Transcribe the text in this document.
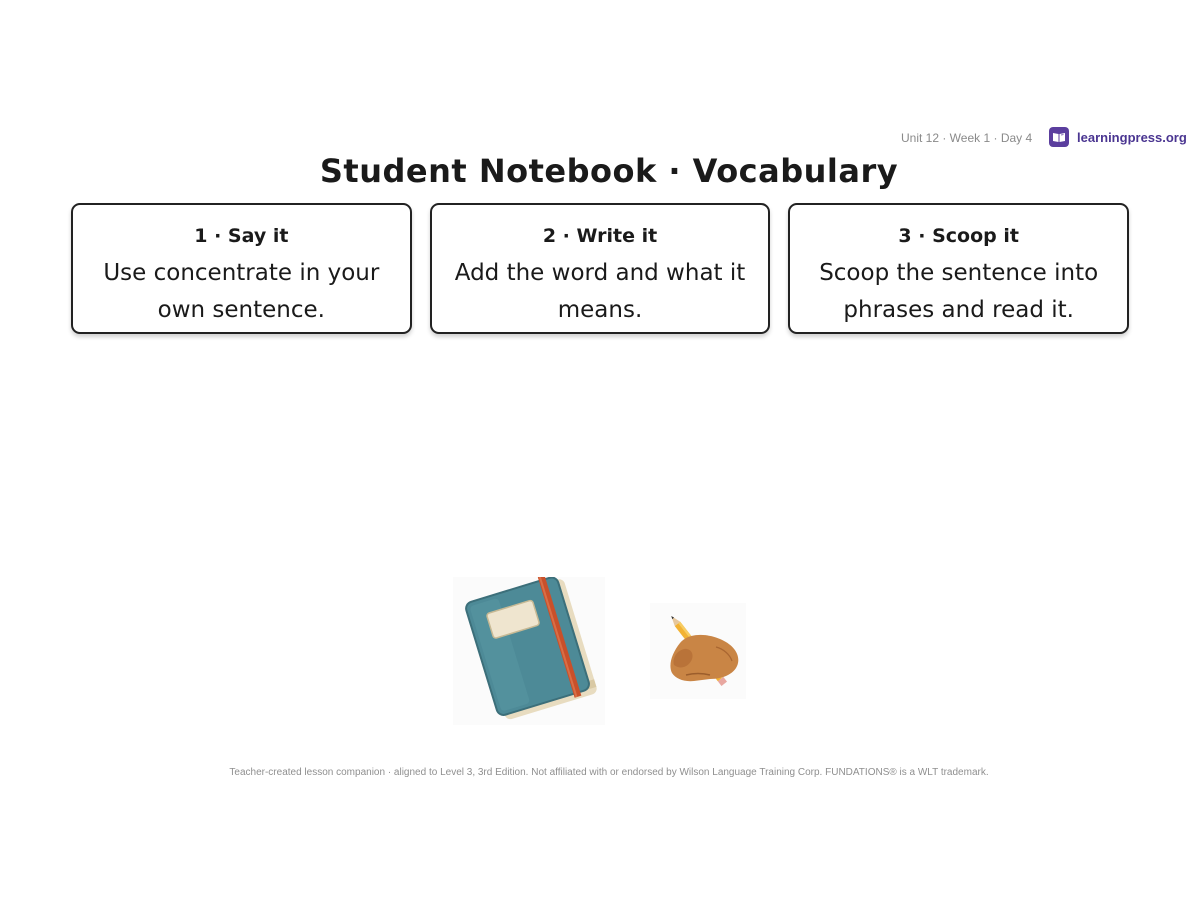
Unit 12 · Week 1 · Day 4	learningpress.org
Student Notebook · Vocabulary
1 · Say it
Use concentrate in your own sentence.
2 · Write it
Add the word and what it means.
3 · Scoop it
Scoop the sentence into phrases and read it.
Teacher-created lesson companion · aligned to Level 3, 3rd Edition. Not affiliated with or endorsed by Wilson Language Training Corp. FUNDATIONS® is a WLT trademark.
